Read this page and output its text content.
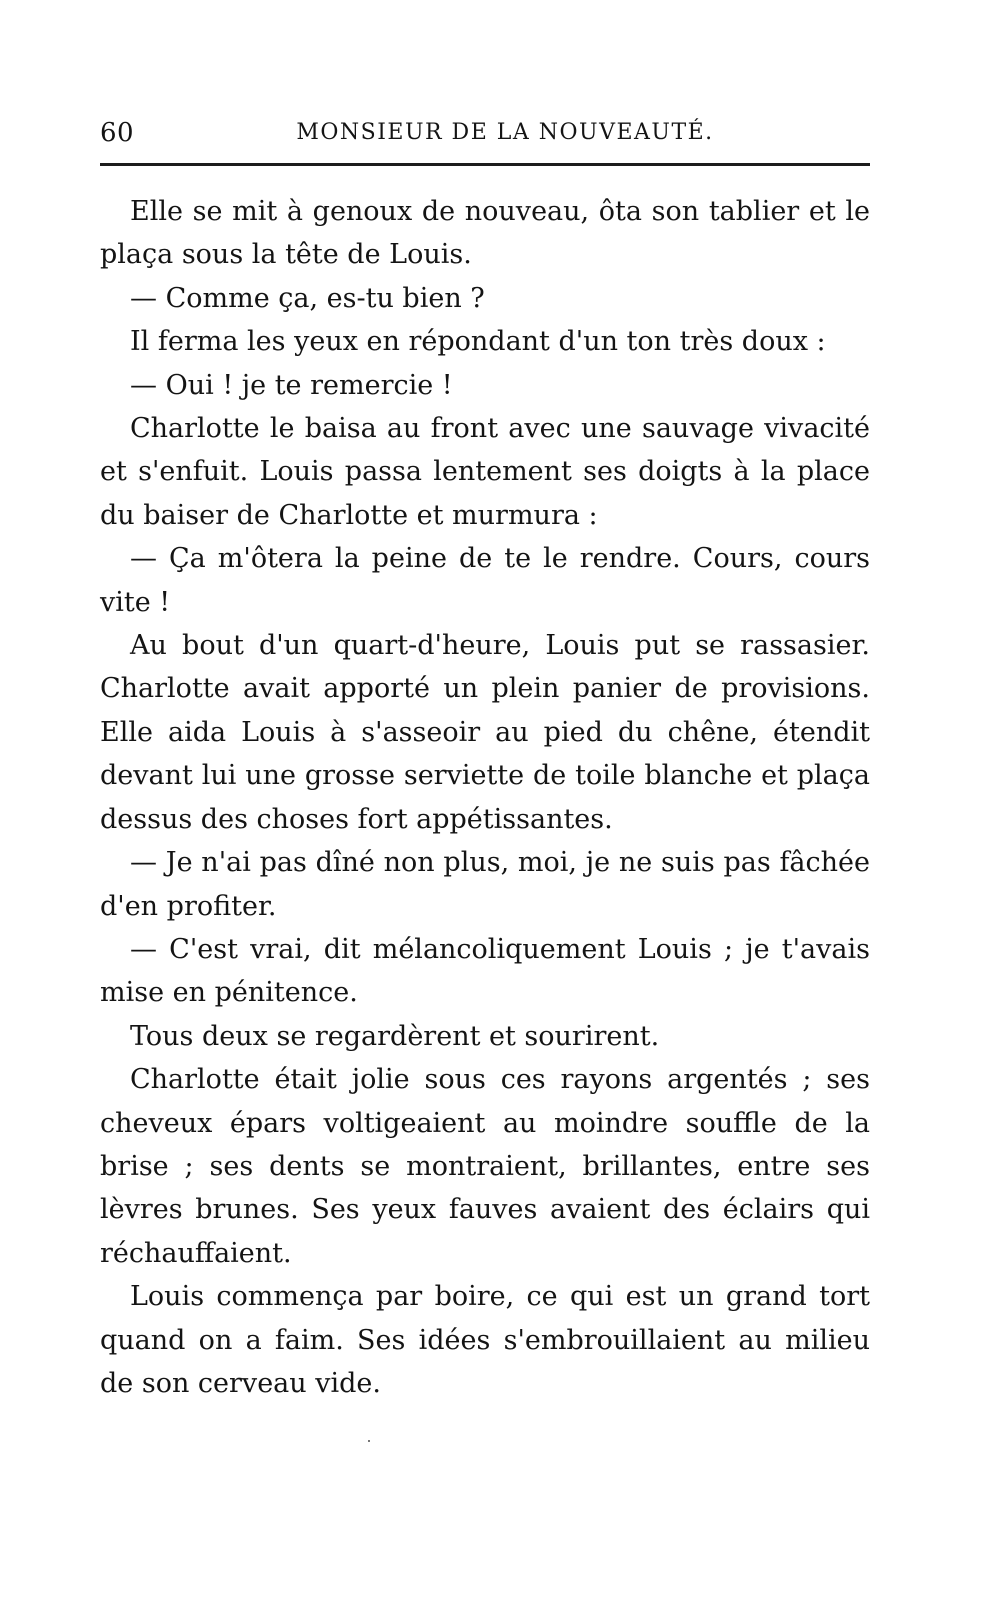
60	MONSIEUR DE LA NOUVEAUTÉ.

Elle se mit à genoux de nouveau, ôta son tablier et le plaça sous la tête de Louis.

— Comme ça, es-tu bien ?

Il ferma les yeux en répondant d'un ton très doux :

— Oui ! je te remercie !

Charlotte le baisa au front avec une sauvage vivacité et s'enfuit. Louis passa lentement ses doigts à la place du baiser de Charlotte et murmura :

— Ça m'ôtera la peine de te le rendre. Cours, cours vite !

Au bout d'un quart-d'heure, Louis put se rassasier. Charlotte avait apporté un plein panier de provisions. Elle aida Louis à s'asseoir au pied du chêne, étendit devant lui une grosse serviette de toile blanche et plaça dessus des choses fort appétissantes.

— Je n'ai pas dîné non plus, moi, je ne suis pas fâchée d'en profiter.

— C'est vrai, dit mélancoliquement Louis ; je t'avais mise en pénitence.

Tous deux se regardèrent et sourirent.

Charlotte était jolie sous ces rayons argentés ; ses cheveux épars voltigeaient au moindre souffle de la brise ; ses dents se montraient, brillantes, entre ses lèvres brunes. Ses yeux fauves avaient des éclairs qui réchauffaient.

Louis commença par boire, ce qui est un grand tort quand on a faim. Ses idées s'embrouillaient au milieu de son cerveau vide.
